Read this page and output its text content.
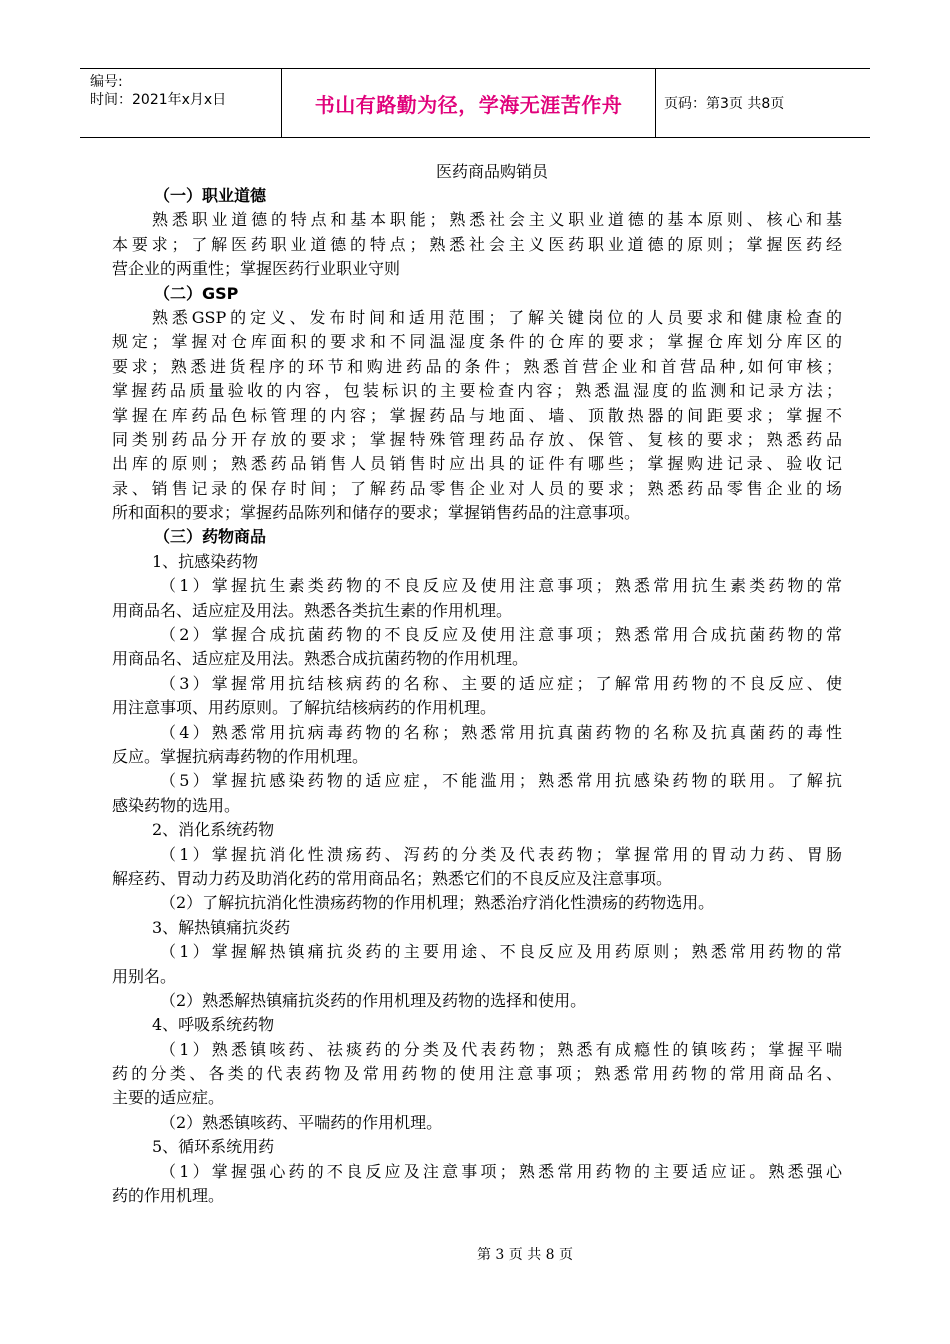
编号:
时间：2021年x月x日	书山有路勤为径，学海无涯苦作舟	页码：第3页 共8页
医药商品购销员
（一）职业道德
熟悉职业道德的特点和基本职能；熟悉社会主义职业道德的基本原则、核心和基
本要求；了解医药职业道德的特点；熟悉社会主义医药职业道德的原则；掌握医药经
营企业的两重性；掌握医药行业职业守则
（二）GSP
熟悉GSP的定义、发布时间和适用范围；了解关键岗位的人员要求和健康检查的
规定；掌握对仓库面积的要求和不同温湿度条件的仓库的要求；掌握仓库划分库区的
要求；熟悉进货程序的环节和购进药品的条件；熟悉首营企业和首营品种,如何审核；
掌握药品质量验收的内容，包装标识的主要检查内容；熟悉温湿度的监测和记录方法；
掌握在库药品色标管理的内容；掌握药品与地面、墙、顶散热器的间距要求；掌握不
同类别药品分开存放的要求；掌握特殊管理药品存放、保管、复核的要求；熟悉药品
出库的原则；熟悉药品销售人员销售时应出具的证件有哪些；掌握购进记录、验收记
录、销售记录的保存时间；了解药品零售企业对人员的要求；熟悉药品零售企业的场
所和面积的要求；掌握药品陈列和储存的要求；掌握销售药品的注意事项。
（三）药物商品
1、抗感染药物
（1）掌握抗生素类药物的不良反应及使用注意事项；熟悉常用抗生素类药物的常
用商品名、适应症及用法。熟悉各类抗生素的作用机理。
（2）掌握合成抗菌药物的不良反应及使用注意事项；熟悉常用合成抗菌药物的常
用商品名、适应症及用法。熟悉合成抗菌药物的作用机理。
（3）掌握常用抗结核病药的名称、主要的适应症；了解常用药物的不良反应、使
用注意事项、用药原则。了解抗结核病药的作用机理。
（4）熟悉常用抗病毒药物的名称；熟悉常用抗真菌药物的名称及抗真菌药的毒性
反应。掌握抗病毒药物的作用机理。
（5）掌握抗感染药物的适应症，不能滥用；熟悉常用抗感染药物的联用。了解抗
感染药物的选用。
2、消化系统药物
（1）掌握抗消化性溃疡药、泻药的分类及代表药物；掌握常用的胃动力药、胃肠
解痉药、胃动力药及助消化药的常用商品名；熟悉它们的不良反应及注意事项。
（2）了解抗抗消化性溃疡药物的作用机理；熟悉治疗消化性溃疡的药物选用。
3、解热镇痛抗炎药
（1）掌握解热镇痛抗炎药的主要用途、不良反应及用药原则；熟悉常用药物的常
用别名。
（2）熟悉解热镇痛抗炎药的作用机理及药物的选择和使用。
4、呼吸系统药物
（1）熟悉镇咳药、祛痰药的分类及代表药物；熟悉有成瘾性的镇咳药；掌握平喘
药的分类、各类的代表药物及常用药物的使用注意事项；熟悉常用药物的常用商品名、
主要的适应症。
（2）熟悉镇咳药、平喘药的作用机理。
5、循环系统用药
（1）掌握强心药的不良反应及注意事项；熟悉常用药物的主要适应证。熟悉强心
药的作用机理。
第 3 页 共 8 页
